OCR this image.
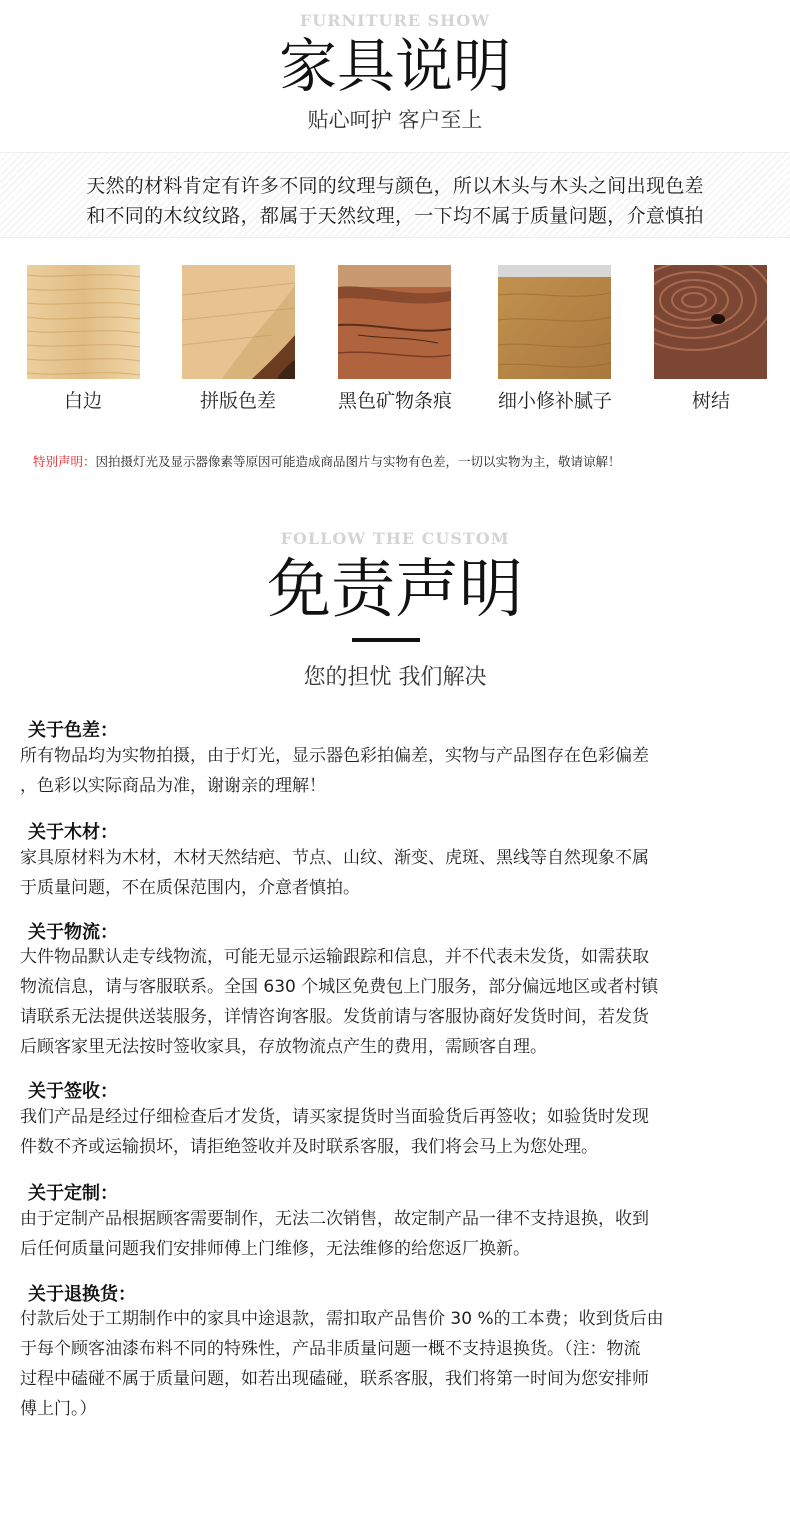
FURNITURE SHOW
家具说明
贴心呵护 客户至上
天然的材料肯定有许多不同的纹理与颜色，所以木头与木头之间出现色差
和不同的木纹纹路，都属于天然纹理，一下均不属于质量问题，介意慎拍
白边	拼版色差	黑色矿物条痕	细小修补腻子	树结
特别声明：因拍摄灯光及显示器像素等原因可能造成商品图片与实物有色差，一切以实物为主，敬请谅解！
FOLLOW THE CUSTOM
免责声明
您的担忧 我们解决
关于色差：
所有物品均为实物拍摄，由于灯光，显示器色彩拍偏差，实物与产品图存在色彩偏差
，色彩以实际商品为准，谢谢亲的理解！
关于木材：
家具原材料为木材，木材天然结疤、节点、山纹、渐变、虎斑、黑线等自然现象不属
于质量问题，不在质保范围内，介意者慎拍。
关于物流：
大件物品默认走专线物流，可能无显示运输跟踪和信息，并不代表未发货，如需获取
物流信息，请与客服联系。全国 630 个城区免费包上门服务，部分偏远地区或者村镇
请联系无法提供送装服务，详情咨询客服。发货前请与客服协商好发货时间，若发货
后顾客家里无法按时签收家具，存放物流点产生的费用，需顾客自理。
关于签收：
我们产品是经过仔细检查后才发货，请买家提货时当面验货后再签收；如验货时发现
件数不齐或运输损坏，请拒绝签收并及时联系客服，我们将会马上为您处理。
关于定制：
由于定制产品根据顾客需要制作，无法二次销售，故定制产品一律不支持退换，收到
后任何质量问题我们安排师傅上门维修，无法维修的给您返厂换新。
关于退换货：
付款后处于工期制作中的家具中途退款，需扣取产品售价 30 %的工本费；收到货后由
于每个顾客油漆布料不同的特殊性，产品非质量问题一概不支持退换货。（注：物流
过程中磕碰不属于质量问题，如若出现磕碰，联系客服，我们将第一时间为您安排师
傅上门。）
